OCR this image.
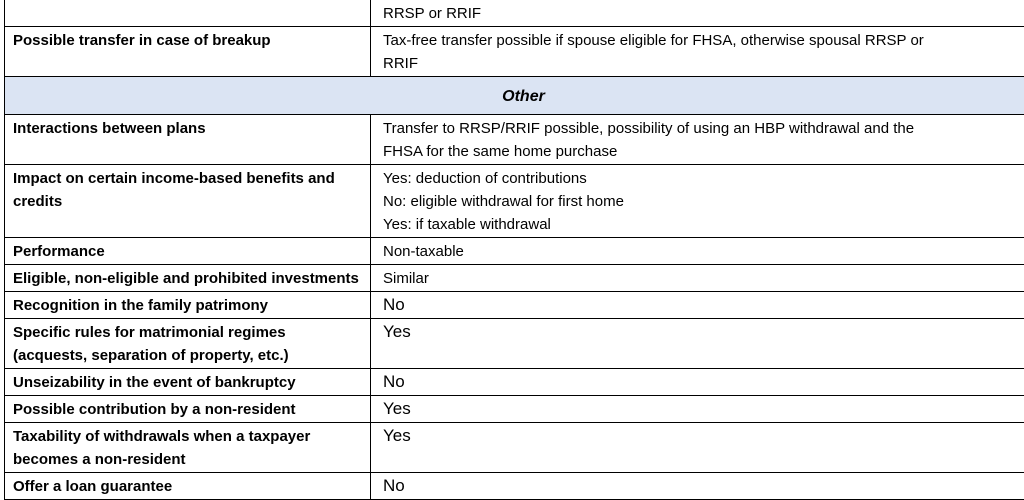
	RRSP or RRIF

Possible transfer in case of breakup	Tax-free transfer possible if spouse eligible for FHSA, otherwise spousal RRSP or
RRIF

Other	
Interactions between plans	Transfer to RRSP/RRIF possible, possibility of using an HBP withdrawal and the
FHSA for the same home purchase

Impact on certain income-based benefits and credits	Yes: deduction of contributions
No: eligible withdrawal for first home
Yes: if taxable withdrawal

Performance	Non-taxable

Eligible, non-eligible and prohibited investments	Similar

Recognition in the family patrimony	No

Specific rules for matrimonial regimes (acquests, separation of property, etc.)	Yes

Unseizability in the event of bankruptcy	No

Possible contribution by a non-resident	Yes

Taxability of withdrawals when a taxpayer becomes a non-resident	Yes

Offer a loan guarantee	No
